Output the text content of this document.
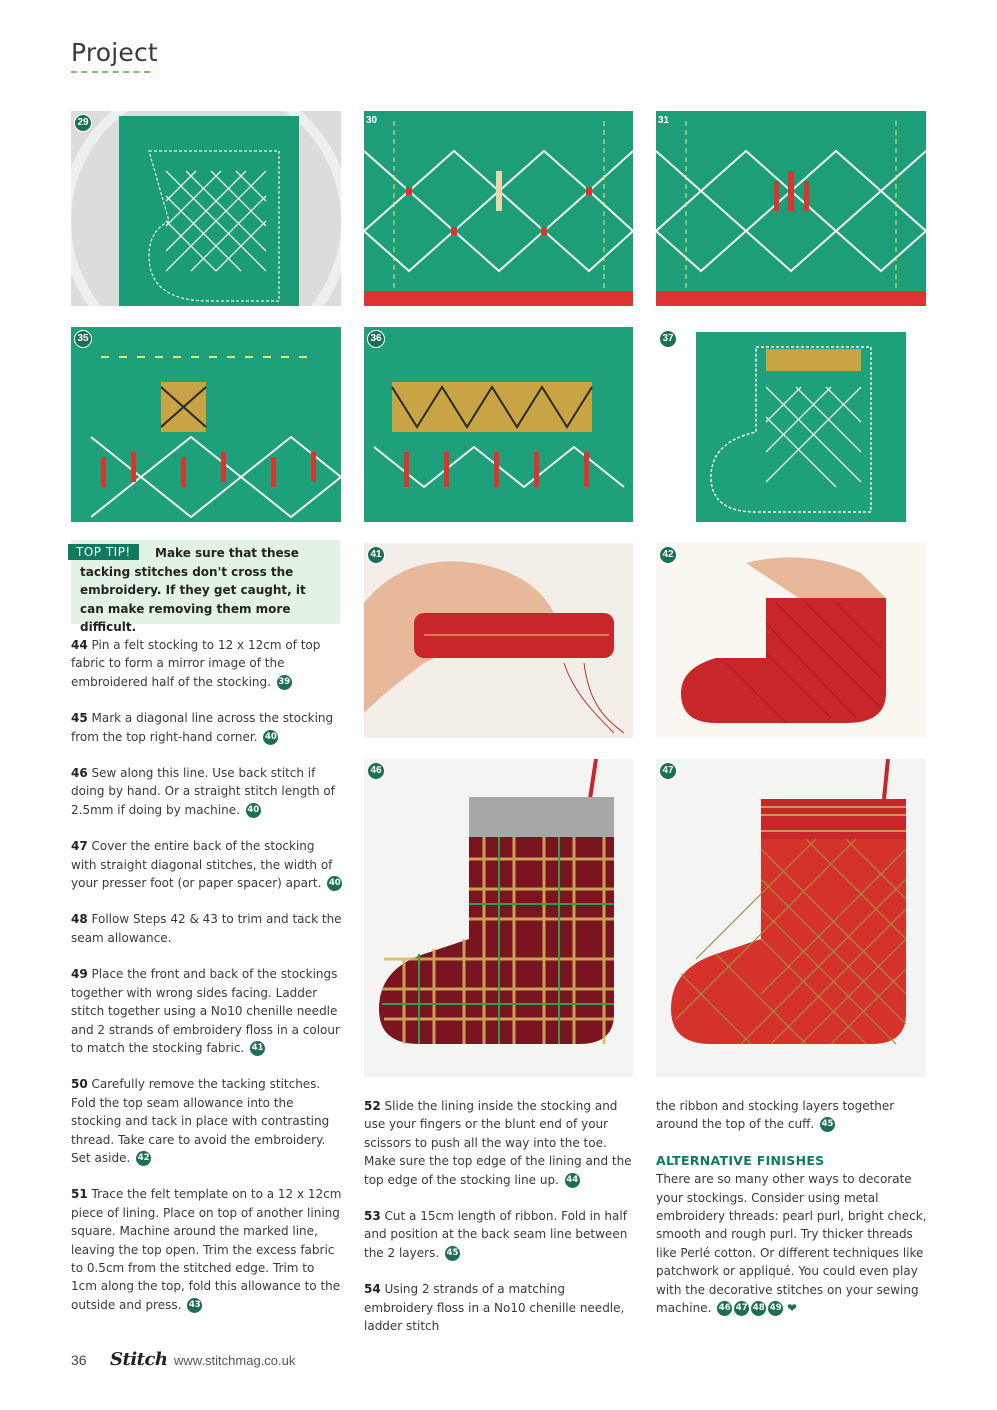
Project
29	30	31
35	36	37
41	42
46	47

Make sure that these tacking stitches don't cross the embroidery. If they get caught, it can make removing them more difficult.

TOP TIP!

44 Pin a felt stocking to 12 x 12cm of top fabric to form a mirror image of the embroidered half of the stocking. 39

45 Mark a diagonal line across the stocking from the top right-hand corner. 40

46 Sew along this line. Use back stitch if doing by hand. Or a straight stitch length of 2.5mm if doing by machine. 40

47 Cover the entire back of the stocking with straight diagonal stitches, the width of your presser foot (or paper spacer) apart. 40

48 Follow Steps 42 & 43 to trim and tack the seam allowance.

49 Place the front and back of the stockings together with wrong sides facing. Ladder stitch together using a No10 chenille needle and 2 strands of embroidery floss in a colour to match the stocking fabric. 41

50 Carefully remove the tacking stitches. Fold the top seam allowance into the stocking and tack in place with contrasting thread. Take care to avoid the embroidery. Set aside. 42

51 Trace the felt template on to a 12 x 12cm piece of lining. Place on top of another lining square. Machine around the marked line, leaving the top open. Trim the excess fabric to 0.5cm from the stitched edge. Trim to 1cm along the top, fold this allowance to the outside and press. 43

52 Slide the lining inside the stocking and use your fingers or the blunt end of your scissors to push all the way into the toe. Make sure the top edge of the lining and the top edge of the stocking line up. 44

53 Cut a 15cm length of ribbon. Fold in half and position at the back seam line between the 2 layers. 45

54 Using 2 strands of a matching embroidery floss in a No10 chenille needle, ladder stitch

the ribbon and stocking layers together around the top of the cuff. 45

ALTERNATIVE FINISHES

There are so many other ways to decorate your stockings. Consider using metal embroidery threads: pearl purl, bright check, smooth and rough purl. Try thicker threads like Perlé cotton. Or different techniques like patchwork or appliqué. You could even play with the decorative stitches on your sewing machine. 46 47 48 49 ❤

36 Stitch www.stitchmag.co.uk
